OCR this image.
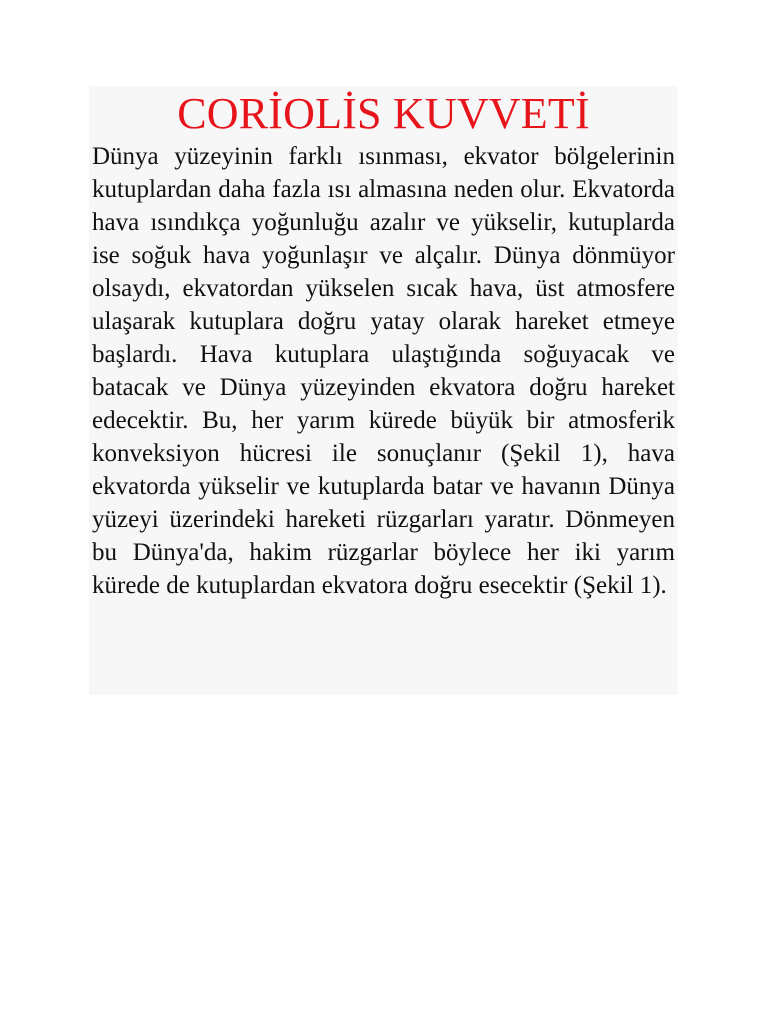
CORİOLİS KUVVETİ

Dünya yüzeyinin farklı ısınması, ekvator bölgelerinin kutuplardan daha fazla ısı almasına neden olur. Ekvatorda hava ısındıkça yoğunluğu azalır ve yükselir, kutuplarda ise soğuk hava yoğunlaşır ve alçalır. Dünya dönmüyor olsaydı, ekvatordan yükselen sıcak hava, üst atmosfere ulaşarak kutuplara doğru yatay olarak hareket etmeye başlardı. Hava kutuplara ulaştığında soğuyacak ve batacak ve Dünya yüzeyinden ekvatora doğru hareket edecektir. Bu, her yarım kürede büyük bir atmosferik konveksiyon hücresi ile sonuçlanır (Şekil 1), hava ekvatorda yükselir ve kutuplarda batar ve havanın Dünya yüzeyi üzerindeki hareketi rüzgarları yaratır. Dönmeyen bu Dünya'da, hakim rüzgarlar böylece her iki yarım kürede de kutuplardan ekvatora doğru esecektir (Şekil 1).
